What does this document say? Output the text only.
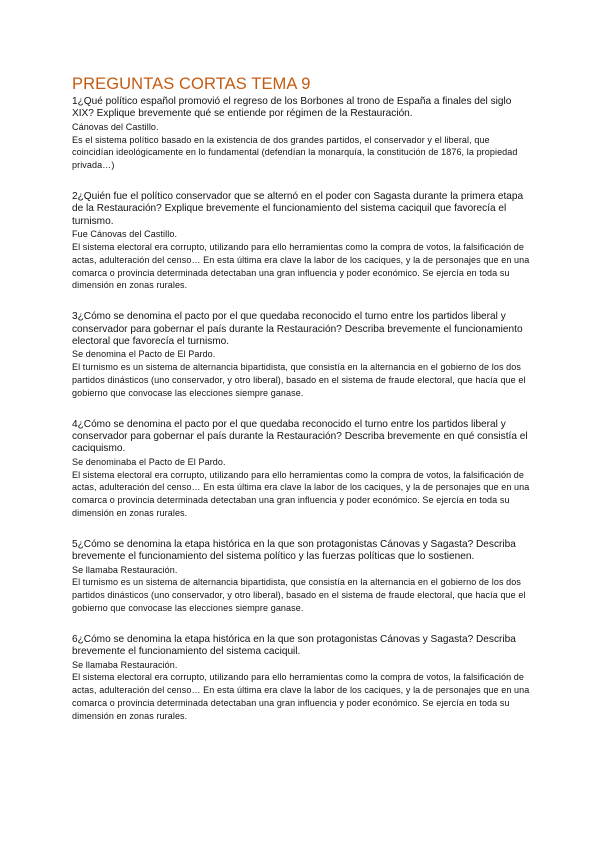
PREGUNTAS CORTAS TEMA 9

1¿Qué político español promovió el regreso de los Borbones al trono de España a finales del siglo XIX? Explique brevemente qué se entiende por régimen de la Restauración.

Cánovas del Castillo.

Es el sistema político basado en la existencia de dos grandes partidos, el conservador y el liberal, que coincidían ideológicamente en lo fundamental (defendían la monarquía, la constitución de 1876, la propiedad privada…)

2¿Quién fue el político conservador que se alternó en el poder con Sagasta durante la primera etapa de la Restauración? Explique brevemente el funcionamiento del sistema caciquil que favorecía el turnismo.

Fue Cánovas del Castillo.

El sistema electoral era corrupto, utilizando para ello herramientas como la compra de votos, la falsificación de actas, adulteración del censo… En esta última era clave la labor de los caciques, y la de personajes que en una comarca o provincia determinada detectaban una gran influencia y poder económico. Se ejercía en toda su dimensión en zonas rurales.

3¿Cómo se denomina el pacto por el que quedaba reconocido el turno entre los partidos liberal y conservador para gobernar el país durante la Restauración? Describa brevemente el funcionamiento electoral que favorecía el turnismo.

Se denomina el Pacto de El Pardo.

El turnismo es un sistema de alternancia bipartidista, que consistía en la alternancia en el gobierno de los dos partidos dinásticos (uno conservador, y otro liberal), basado en el sistema de fraude electoral, que hacía que el gobierno que convocase las elecciones siempre ganase.

4¿Cómo se denomina el pacto por el que quedaba reconocido el turno entre los partidos liberal y conservador para gobernar el país durante la Restauración? Describa brevemente en qué consistía el caciquismo.

Se denominaba el Pacto de El Pardo.

El sistema electoral era corrupto, utilizando para ello herramientas como la compra de votos, la falsificación de actas, adulteración del censo… En esta última era clave la labor de los caciques, y la de personajes que en una comarca o provincia determinada detectaban una gran influencia y poder económico. Se ejercía en toda su dimensión en zonas rurales.

5¿Cómo se denomina la etapa histórica en la que son protagonistas Cánovas y Sagasta? Describa brevemente el funcionamiento del sistema político y las fuerzas políticas que lo sostienen.

Se llamaba Restauración.

El turnismo es un sistema de alternancia bipartidista, que consistía en la alternancia en el gobierno de los dos partidos dinásticos (uno conservador, y otro liberal), basado en el sistema de fraude electoral, que hacía que el gobierno que convocase las elecciones siempre ganase.

6¿Cómo se denomina la etapa histórica en la que son protagonistas Cánovas y Sagasta? Describa brevemente el funcionamiento del sistema caciquil.

Se llamaba Restauración.

El sistema electoral era corrupto, utilizando para ello herramientas como la compra de votos, la falsificación de actas, adulteración del censo… En esta última era clave la labor de los caciques, y la de personajes que en una comarca o provincia determinada detectaban una gran influencia y poder económico. Se ejercía en toda su dimensión en zonas rurales.
